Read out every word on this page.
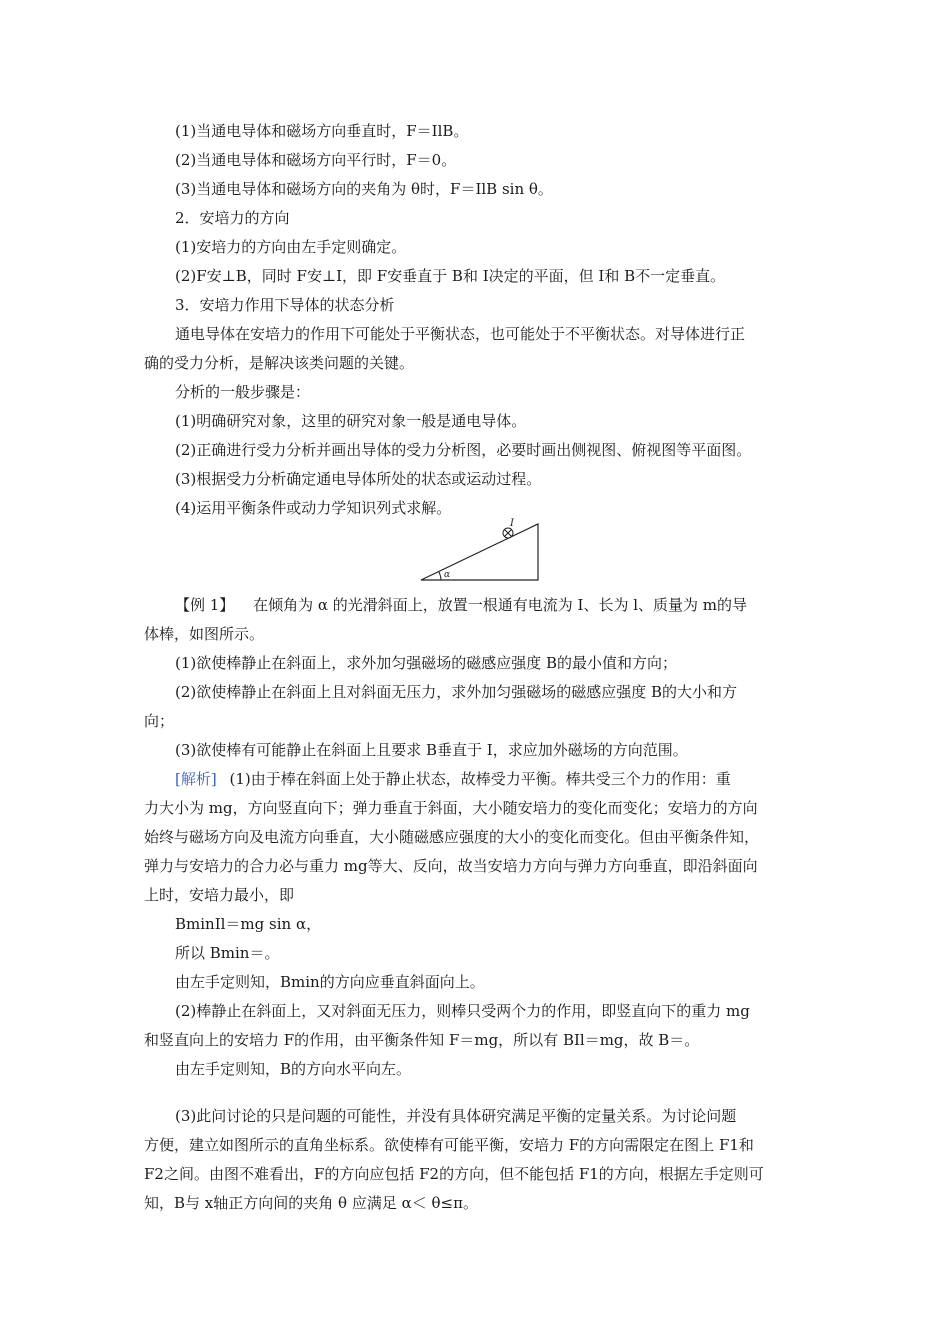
(1)当通电导体和磁场方向垂直时，F＝IlB。
(2)当通电导体和磁场方向平行时，F＝0。
(3)当通电导体和磁场方向的夹角为 θ时，F＝IlB sin θ。
2．安培力的方向
(1)安培力的方向由左手定则确定。
(2)F安⊥B，同时 F安⊥I，即 F安垂直于 B和 I决定的平面，但 I和 B不一定垂直。
3．安培力作用下导体的状态分析
通电导体在安培力的作用下可能处于平衡状态，也可能处于不平衡状态。对导体进行正
确的受力分析，是解决该类问题的关键。
分析的一般步骤是：
(1)明确研究对象，这里的研究对象一般是通电导体。
(2)正确进行受力分析并画出导体的受力分析图，必要时画出侧视图、俯视图等平面图。
(3)根据受力分析确定通电导体所处的状态或运动过程。
(4)运用平衡条件或动力学知识列式求解。
α
I
【例 1】 在倾角为 α 的光滑斜面上，放置一根通有电流为 I、长为 l、质量为 m的导
体棒，如图所示。
(1)欲使棒静止在斜面上，求外加匀强磁场的磁感应强度 B的最小值和方向；
(2)欲使棒静止在斜面上且对斜面无压力，求外加匀强磁场的磁感应强度 B的大小和方
向；
(3)欲使棒有可能静止在斜面上且要求 B垂直于 I，求应加外磁场的方向范围。
[解析] (1)由于棒在斜面上处于静止状态，故棒受力平衡。棒共受三个力的作用：重
力大小为 mg，方向竖直向下；弹力垂直于斜面，大小随安培力的变化而变化；安培力的方向
始终与磁场方向及电流方向垂直，大小随磁感应强度的大小的变化而变化。但由平衡条件知，
弹力与安培力的合力必与重力 mg等大、反向，故当安培力方向与弹力方向垂直，即沿斜面向
上时，安培力最小，即
BminIl＝mg sin α，
所以 Bmin＝。
由左手定则知，Bmin的方向应垂直斜面向上。
(2)棒静止在斜面上，又对斜面无压力，则棒只受两个力的作用，即竖直向下的重力 mg
和竖直向上的安培力 F的作用，由平衡条件知 F＝mg，所以有 BIl＝mg，故 B＝。
由左手定则知，B的方向水平向左。
(3)此问讨论的只是问题的可能性，并没有具体研究满足平衡的定量关系。为讨论问题
方便，建立如图所示的直角坐标系。欲使棒有可能平衡，安培力 F的方向需限定在图上 F1和
F2之间。由图不难看出，F的方向应包括 F2的方向，但不能包括 F1的方向，根据左手定则可
知，B与 x轴正方向间的夹角 θ 应满足 α＜ θ≤π。
